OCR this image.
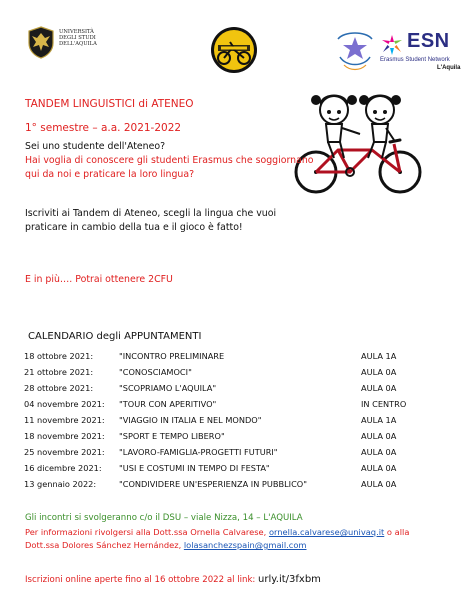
UNIVERSITÀ
DEGLI STUDI
DELL'AQUILA	ESN
Erasmus Student Network
L'Aquila
TANDEM LINGUISTICI di ATENEO
1° semestre – a.a. 2021-2022
Sei uno studente dell'Ateneo?
Hai voglia di conoscere gli studenti Erasmus che soggiornano qui da noi e praticare la loro lingua?
Iscriviti ai Tandem di Ateneo, scegli la lingua che vuoi praticare in cambio della tua e il gioco è fatto!
E in più…. Potrai ottenere 2CFU
CALENDARIO degli APPUNTAMENTI
18 ottobre 2021:	"INCONTRO PRELIMINARE	AULA 1A
21 ottobre 2021:	"CONOSCIAMOCI"	AULA 0A
28 ottobre 2021:	"SCOPRIAMO L'AQUILA"	AULA 0A
04 novembre 2021: "TOUR CON APERITIVO"	IN CENTRO
11 novembre 2021: "VIAGGIO IN ITALIA E NEL MONDO"	AULA 1A
18 novembre 2021: "SPORT E TEMPO LIBERO"	AULA 0A
25 novembre 2021: "LAVORO-FAMIGLIA-PROGETTI FUTURI"	AULA 0A
16 dicembre 2021: "USI E COSTUMI IN TEMPO DI FESTA"	AULA 0A
13 gennaio 2022:	"CONDIVIDERE UN'ESPERIENZA IN PUBBLICO"	AULA 0A
Gli incontri si svolgeranno c/o il DSU – viale Nizza, 14 – L'AQUILA
Per informazioni rivolgersi alla Dott.ssa Ornella Calvarese, ornella.calvarese@univaq.it o alla
Dott.ssa Dolores Sánchez Hernández, lolasanchezspain@gmail.com
Iscrizioni online aperte fino al 16 ottobre 2022 al link: urly.it/3fxbm
